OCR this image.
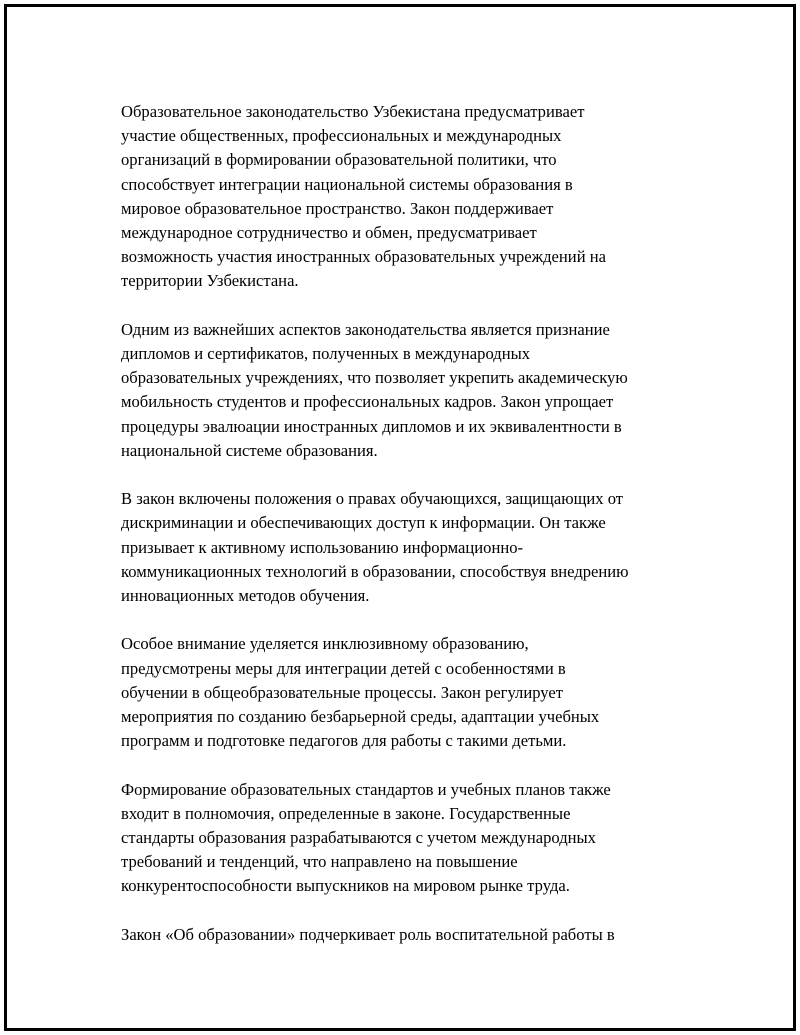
Образовательное законодательство Узбекистана предусматривает
участие общественных, профессиональных и международных
организаций в формировании образовательной политики, что
способствует интеграции национальной системы образования в
мировое образовательное пространство. Закон поддерживает
международное сотрудничество и обмен, предусматривает
возможность участия иностранных образовательных учреждений на
территории Узбекистана.

Одним из важнейших аспектов законодательства является признание
дипломов и сертификатов, полученных в международных
образовательных учреждениях, что позволяет укрепить академическую
мобильность студентов и профессиональных кадров. Закон упрощает
процедуры эвалюации иностранных дипломов и их эквивалентности в
национальной системе образования.

В закон включены положения о правах обучающихся, защищающих от
дискриминации и обеспечивающих доступ к информации. Он также
призывает к активному использованию информационно-
коммуникационных технологий в образовании, способствуя внедрению
инновационных методов обучения.

Особое внимание уделяется инклюзивному образованию,
предусмотрены меры для интеграции детей с особенностями в
обучении в общеобразовательные процессы. Закон регулирует
мероприятия по созданию безбарьерной среды, адаптации учебных
программ и подготовке педагогов для работы с такими детьми.

Формирование образовательных стандартов и учебных планов также
входит в полномочия, определенные в законе. Государственные
стандарты образования разрабатываются с учетом международных
требований и тенденций, что направлено на повышение
конкурентоспособности выпускников на мировом рынке труда.

Закон «Об образовании» подчеркивает роль воспитательной работы в
